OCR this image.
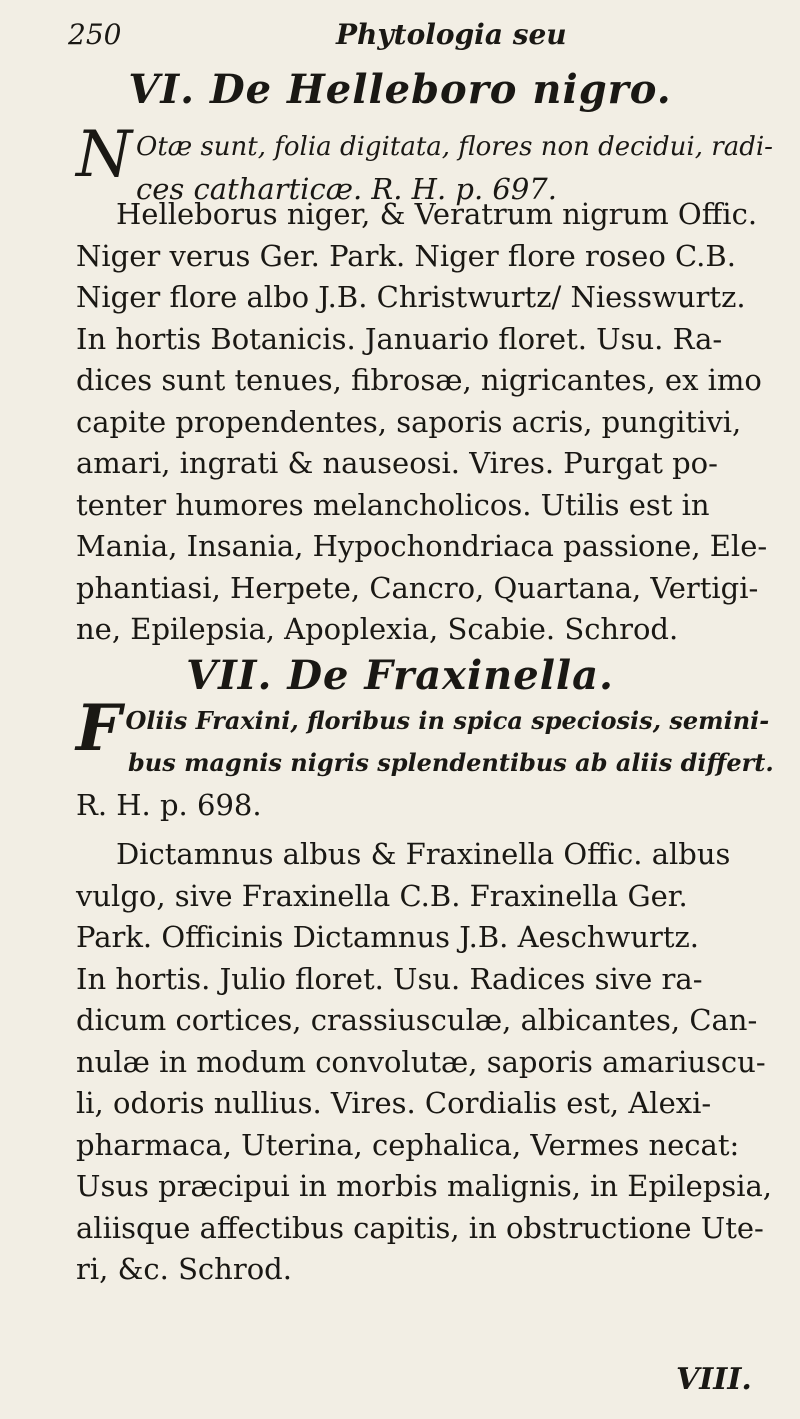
250	Phytologia seu
VI. De Helleboro nigro.
N Otæ sunt, folia digitata, flores non decidui, radi-
ces catharticæ. R. H. p. 697.
Helleborus niger, & Veratrum nigrum Offic.
Niger verus Ger. Park. Niger flore roseo C.B.
Niger flore albo J.B. Christwurtz/ Niesswurtz.
In hortis Botanicis. Januario floret. Usu. Ra-
dices sunt tenues, fibrosæ, nigricantes, ex imo
capite propendentes, saporis acris, pungitivi,
amari, ingrati & nauseosi. Vires. Purgat po-
tenter humores melancholicos. Utilis est in
Mania, Insania, Hypochondriaca passione, Ele-
phantiasi, Herpete, Cancro, Quartana, Vertigi-
ne, Epilepsia, Apoplexia, Scabie. Schrod.
VII. De Fraxinella.
F Oliis Fraxini, floribus in spica speciosis, semini-
bus magnis nigris splendentibus ab aliis differt.
R. H. p. 698.
Dictamnus albus & Fraxinella Offic. albus
vulgo, sive Fraxinella C.B. Fraxinella Ger.
Park. Officinis Dictamnus J.B. Aeschwurtz.
In hortis. Julio floret. Usu. Radices sive ra-
dicum cortices, crassiusculæ, albicantes, Can-
nulæ in modum convolutæ, saporis amariuscu-
li, odoris nullius. Vires. Cordialis est, Alexi-
pharmaca, Uterina, cephalica, Vermes necat:
Usus præcipui in morbis malignis, in Epilepsia,
aliisque affectibus capitis, in obstructione Ute-
ri, &c. Schrod.
VIII.
